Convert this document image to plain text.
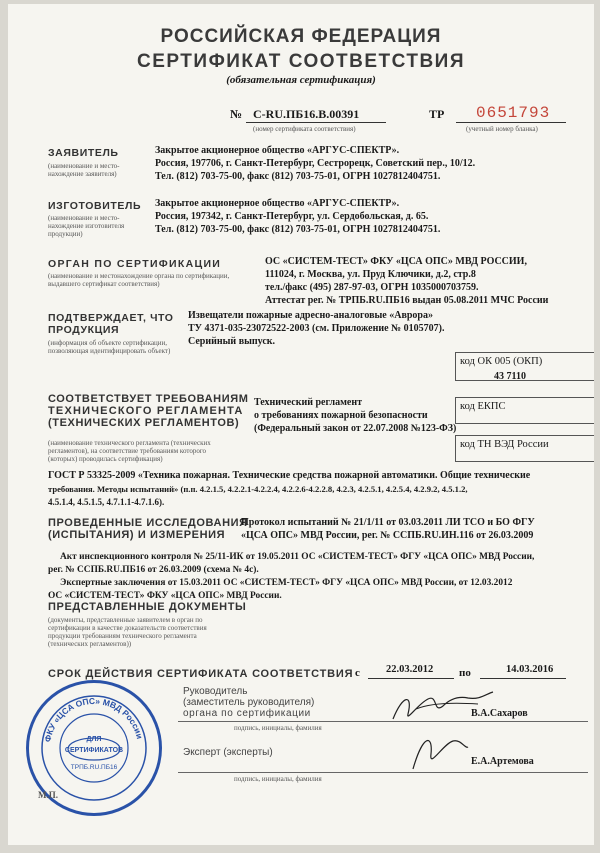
РОССИЙСКАЯ ФЕДЕРАЦИЯ
СЕРТИФИКАТ СООТВЕТСТВИЯ
(обязательная сертификация)
№ С-RU.ПБ16.В.00391
(номер сертификата соответствия)
ТР 0651793
(учетный номер бланка)
ЗАЯВИТЕЛЬ
(наименование и место-нахождение заявителя)
Закрытое акционерное общество «АРГУС-СПЕКТР».
Россия, 197706, г. Санкт-Петербург, Сестрорецк, Советский пер., 10/12.
Тел. (812) 703-75-00, факс (812) 703-75-01, ОГРН 1027812404751.
ИЗГОТОВИТЕЛЬ
(наименование и место-нахождение изготовителя продукции)
Закрытое акционерное общество «АРГУС-СПЕКТР».
Россия, 197342, г. Санкт-Петербург, ул. Сердобольская, д. 65.
Тел. (812) 703-75-00, факс (812) 703-75-01, ОГРН 1027812404751.
ОРГАН ПО СЕРТИФИКАЦИИ
(наименование и местонахождение органа по сертификации, выдавшего сертификат соответствия)
ОС «СИСТЕМ-ТЕСТ» ФКУ «ЦСА ОПС» МВД РОССИИ,
111024, г. Москва, ул. Пруд Ключики, д.2, стр.8
тел./факс (495) 287-97-03, ОГРН 1035000703759.
Аттестат рег. № ТРПБ.RU.ПБ16 выдан 05.08.2011 МЧС России
ПОДТВЕРЖДАЕТ, ЧТО
ПРОДУКЦИЯ
(информация об объекте сертификации, позволяющая идентифицировать объект)
Извещатели пожарные адресно-аналоговые «Аврора»
ТУ 4371-035-23072522-2003 (см. Приложение № 0105707).
Серийный выпуск.
код ОК 005 (ОКП)
43 7110
код ЕКПС
код ТН ВЭД России
СООТВЕТСТВУЕТ ТРЕБОВАНИЯМ
ТЕХНИЧЕСКОГО РЕГЛАМЕНТА
(ТЕХНИЧЕСКИХ РЕГЛАМЕНТОВ)
(наименование технического регламента (технических регламентов), на соответствие требованиям которого (которых) проводилась сертификация)
Технический регламент
о требованиях пожарной безопасности
(Федеральный закон от 22.07.2008 №123-ФЗ)
ГОСТ Р 53325-2009 «Техника пожарная. Технические средства пожарной автоматики. Общие технические
требования. Методы испытаний» (п.п. 4.2.1.5, 4.2.2.1-4.2.2.4, 4.2.2.6-4.2.2.8, 4.2.3, 4.2.5.1, 4.2.5.4, 4.2.9.2, 4.5.1.2,
4.5.1.4, 4.5.1.5, 4.7.1.1-4.7.1.6).
ПРОВЕДЕННЫЕ ИССЛЕДОВАНИЯ
(ИСПЫТАНИЯ) И ИЗМЕРЕНИЯ
Протокол испытаний № 21/1/11 от 03.03.2011 ЛИ ТСО и БО ФГУ
«ЦСА ОПС» МВД России, рег. № ССПБ.RU.ИН.116 от 26.03.2009
Акт инспекционного контроля № 25/11-ИК от 19.05.2011 ОС «СИСТЕМ-ТЕСТ» ФГУ «ЦСА ОПС» МВД России,
рег. № ССПБ.RU.ПБ16 от 26.03.2009 (схема № 4с).
Экспертные заключения от 15.03.2011 ОС «СИСТЕМ-ТЕСТ» ФГУ «ЦСА ОПС» МВД России, от 12.03.2012
ОС «СИСТЕМ-ТЕСТ» ФКУ «ЦСА ОПС» МВД России.
ПРЕДСТАВЛЕННЫЕ ДОКУМЕНТЫ
(документы, представленные заявителем в орган по сертификации в качестве доказательств соответствия продукции требованиям технического регламента (технических регламентов))
СРОК ДЕЙСТВИЯ СЕРТИФИКАТА СООТВЕТСТВИЯ с 22.03.2012 по	14.03.2016
ФКУ «ЦСА ОПС» МВД России
ДЛЯ
СЕРТИФИКАТОВ
ТРПБ.RU.ПБ16
М.П.
Руководитель
(заместитель руководителя)
органа по сертификации
подпись, инициалы, фамилия
В.А.Сахаров
Эксперт (эксперты)
подпись, инициалы, фамилия
Е.А.Артемова
